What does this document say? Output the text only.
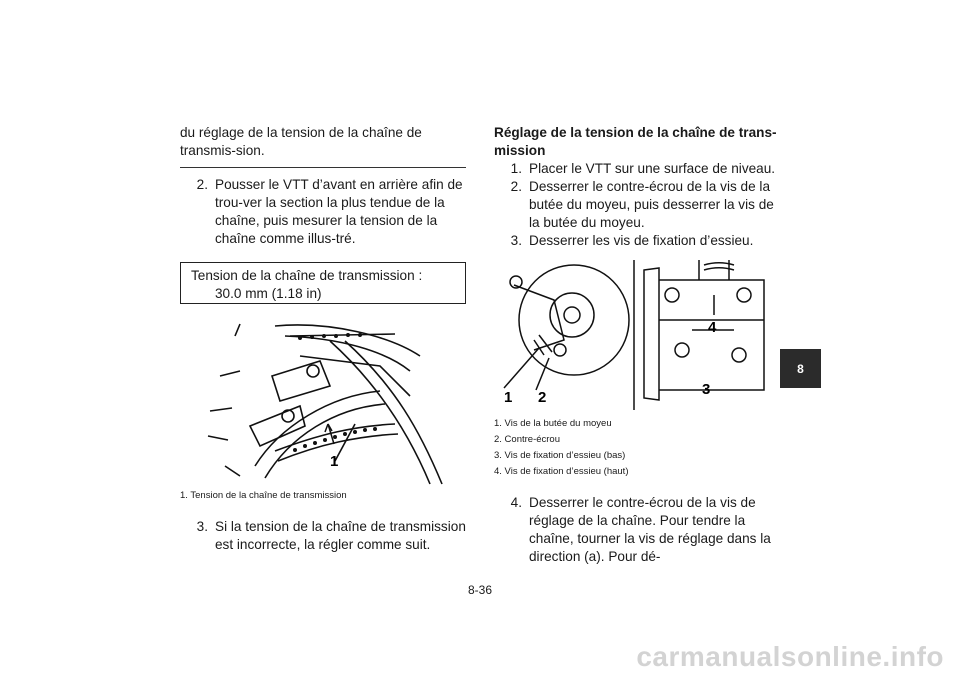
du réglage de la tension de la chaîne de transmis-sion.

2. Pousser le VTT d’avant en arrière afin de trou-ver la section la plus tendue de la chaîne, puis mesurer la tension de la chaîne comme illus-tré.
Tension de la chaîne de transmission :
30.0 mm (1.18 in)
1

1. Tension de la chaîne de transmission

3. Si la tension de la chaîne de transmission est incorrecte, la régler comme suit.

Réglage de la tension de la chaîne de trans-mission

1. Placer le VTT sur une surface de niveau.
2. Desserrer le contre-écrou de la vis de la butée du moyeu, puis desserrer la vis de la butée du moyeu.
3. Desserrer les vis de fixation d’essieu.
1 2	3
4

1. Vis de la butée du moyeu

2. Contre-écrou

3. Vis de fixation d’essieu (bas)

4. Vis de fixation d’essieu (haut)

4. Desserrer le contre-écrou de la vis de réglage de la chaîne. Pour tendre la chaîne, tourner la vis de réglage dans la direction (a). Pour dé-
8
8-36
carmanualsonline.info
